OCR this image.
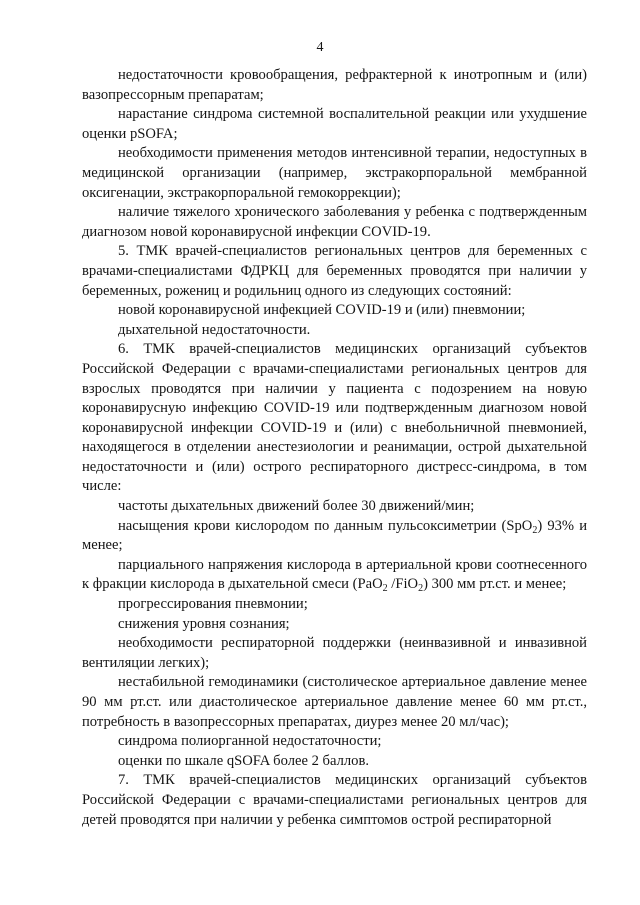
4

недостаточности кровообращения, рефрактерной к инотропным и (или) вазопрессорным препаратам;

нарастание синдрома системной воспалительной реакции или ухудшение оценки pSOFA;

необходимости применения методов интенсивной терапии, недоступных в медицинской организации (например, экстракорпоральной мембранной оксигенации, экстракорпоральной гемокоррекции);

наличие тяжелого хронического заболевания у ребенка с подтвержденным диагнозом новой коронавирусной инфекции COVID-19.

5. ТМК врачей-специалистов региональных центров для беременных с врачами-специалистами ФДРКЦ для беременных проводятся при наличии у беременных, рожениц и родильниц одного из следующих состояний:

новой коронавирусной инфекцией COVID-19 и (или) пневмонии;

дыхательной недостаточности.

6. ТМК врачей-специалистов медицинских организаций субъектов Российской Федерации с врачами-специалистами региональных центров для взрослых проводятся при наличии у пациента с подозрением на новую коронавирусную инфекцию COVID-19 или подтвержденным диагнозом новой коронавирусной инфекции COVID-19 и (или) с внебольничной пневмонией, находящегося в отделении анестезиологии и реанимации, острой дыхательной недостаточности и (или) острого респираторного дистресс-синдрома, в том числе:

частоты дыхательных движений более 30 движений/мин;

насыщения крови кислородом по данным пульсоксиметрии (SpO$_2$) 93% и менее;

парциального напряжения кислорода в артериальной крови соотнесенного к фракции кислорода в дыхательной смеси (PaO$_2$ /FiO$_2$) 300 мм рт.ст. и менее;

прогрессирования пневмонии;

снижения уровня сознания;

необходимости респираторной поддержки (неинвазивной и инвазивной вентиляции легких);

нестабильной гемодинамики (систолическое артериальное давление менее 90 мм рт.ст. или диастолическое артериальное давление менее 60 мм рт.ст., потребность в вазопрессорных препаратах, диурез менее 20 мл/час);

синдрома полиорганной недостаточности;

оценки по шкале qSOFA более 2 баллов.

7. ТМК врачей-специалистов медицинских организаций субъектов Российской Федерации с врачами-специалистами региональных центров для детей проводятся при наличии у ребенка симптомов острой респираторной
